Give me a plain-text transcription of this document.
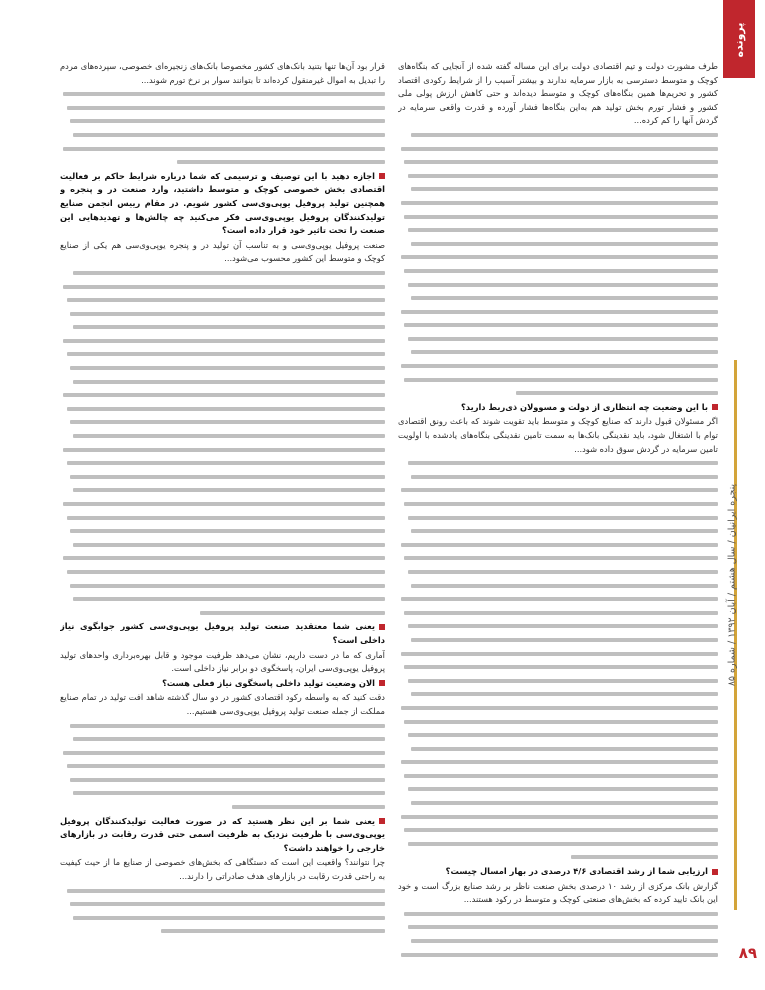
پرونده
پنجره ایرانیان / سال هشتم / آبان ۱۳۹۲ / شماره ۸۵
۸۹

طرف مشورت دولت و تیم اقتصادی دولت برای این مساله گفته شده از آنجایی که بنگاه‌های کوچک و متوسط دسترسی به بازار سرمایه ندارند و بیشتر آسیب را از شرایط رکودی اقتصاد کشور و تحریم‌ها همین بنگاه‌های کوچک و متوسط دیده‌اند و حتی کاهش ارزش پولی ملی کشور و فشار تورم بخش تولید هم به‌این بنگاه‌ها فشار آورده و قدرت واقعی سرمایه در گردش آنها را کم کرده...

با این وضعیت چه انتظاری از دولت و مسوولان ذی‌ربط دارید؟

اگر مسئولان قبول دارند که صنایع کوچک و متوسط باید تقویت شوند که باعث رونق اقتصادی توام با اشتغال شود، باید نقدینگی بانک‌ها به سمت تامین نقدینگی بنگاه‌های یادشده با اولویت تامین سرمایه در گردش سوق داده شود...

ارزیابی شما از رشد اقتصادی ۴/۶ درصدی در بهار امسال چیست؟

گزارش بانک مرکزی از رشد ۱۰ درصدی بخش صنعت ناظر بر رشد صنایع بزرگ است و خود این بانک تایید کرده که بخش‌های صنعتی کوچک و متوسط در رکود هستند...

قرار بود آن‌ها تنها بتنید بانک‌های کشور مخصوصا بانک‌های زنجیره‌ای خصوصی، سپرده‌های مردم را تبدیل به اموال غیرمنقول کرده‌اند تا بتوانند سوار بر نرخ تورم شوند...

اجازه دهید با این توصیف و ترسیمی که شما درباره شرایط حاکم بر فعالیت اقتصادی بخش خصوصی کوچک و متوسط داشتید، وارد صنعت در و پنجره و همچنین تولید پروفیل یو‌پی‌وی‌سی کشور شویم. در مقام رییس انجمن صنایع تولیدکنندگان پروفیل یو‌پی‌وی‌سی فکر می‌کنید چه چالش‌ها و تهدیدهایی این صنعت را تحت تاثیر خود قرار داده است؟

صنعت پروفیل یو‌پی‌وی‌سی و به تناسب آن تولید در و پنجره یو‌پی‌وی‌سی هم یکی از صنایع کوچک و متوسط این کشور محسوب می‌شود...

یعنی شما معتقدید صنعت تولید پروفیل یو‌پی‌وی‌سی کشور جوابگوی نیاز داخلی است؟

آماری که ما در دست داریم، نشان می‌دهد ظرفیت موجود و قابل بهره‌برداری واحدهای تولید پروفیل یو‌پی‌وی‌سی ایران، پاسخگوی دو برابر نیاز داخلی است.

الان وضعیت تولید داخلی پاسخگوی نیاز فعلی هست؟

دقت کنید که به واسطه رکود اقتصادی کشور در دو سال گذشته شاهد افت تولید در تمام صنایع مملکت از جمله صنعت تولید پروفیل یو‌پی‌وی‌سی هستیم...

یعنی شما بر این نظر هستید که در صورت فعالیت تولیدکنندگان پروفیل یو‌پی‌وی‌سی با ظرفیت نزدیک به ظرفیت اسمی حتی قدرت رقابت در بازارهای خارجی را خواهند داشت؟

چرا نتوانند؟ واقعیت این است که دستگاهی که بخش‌های خصوصی از صنایع ما از حیث کیفیت به راحتی قدرت رقابت در بازارهای هدف صادراتی را دارند...
